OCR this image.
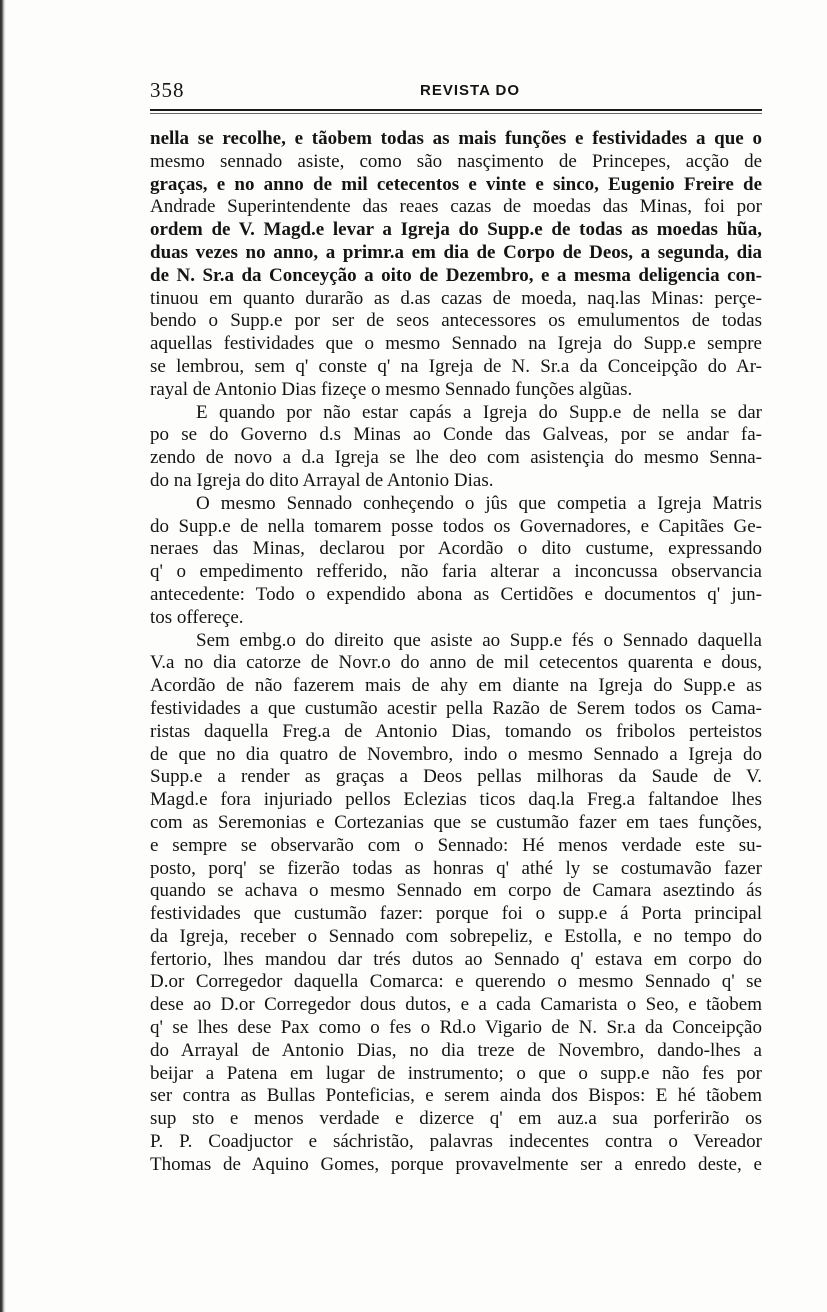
358	REVISTA DO
nella se recolhe, e tãobem todas as mais funções e festividades a que o
mesmo sennado asiste, como são nasçimento de Princepes, acção de
graças, e no anno de mil cetecentos e vinte e sinco, Eugenio Freire de
Andrade Superintendente das reaes cazas de moedas das Minas, foi por
ordem de V. Magd.e levar a Igreja do Supp.e de todas as moedas hũa,
duas vezes no anno, a primr.a em dia de Corpo de Deos, a segunda, dia
de N. Sr.a da Conceyção a oito de Dezembro, e a mesma deligencia con-
tinuou em quanto durarão as d.as cazas de moeda, naq.las Minas: perçe-
bendo o Supp.e por ser de seos antecessores os emulumentos de todas
aquellas festividades que o mesmo Sennado na Igreja do Supp.e sempre
se lembrou, sem q' conste q' na Igreja de N. Sr.a da Conceipção do Ar-
rayal de Antonio Dias fizeçe o mesmo Sennado funções algũas.
E quando por não estar capás a Igreja do Supp.e de nella se dar
po se do Governo d.s Minas ao Conde das Galveas, por se andar fa-
zendo de novo a d.a Igreja se lhe deo com asistençia do mesmo Senna-
do na Igreja do dito Arrayal de Antonio Dias.
O mesmo Sennado conheçendo o jûs que competia a Igreja Matris
do Supp.e de nella tomarem posse todos os Governadores, e Capitães Ge-
neraes das Minas, declarou por Acordão o dito custume, expressando
q' o empedimento refferido, não faria alterar a inconcussa observancia
antecedente: Todo o expendido abona as Certidões e documentos q' jun-
tos offereçe.
Sem embg.o do direito que asiste ao Supp.e fés o Sennado daquella
V.a no dia catorze de Novr.o do anno de mil cetecentos quarenta e dous,
Acordão de não fazerem mais de ahy em diante na Igreja do Supp.e as
festividades a que custumão acestir pella Razão de Serem todos os Cama-
ristas daquella Freg.a de Antonio Dias, tomando os fribolos perteistos
de que no dia quatro de Novembro, indo o mesmo Sennado a Igreja do
Supp.e a render as graças a Deos pellas milhoras da Saude de V.
Magd.e fora injuriado pellos Eclezias ticos daq.la Freg.a faltandoe lhes
com as Seremonias e Cortezanias que se custumão fazer em taes funções,
e sempre se observarão com o Sennado: Hé menos verdade este su-
posto, porq' se fizerão todas as honras q' athé ly se costumavão fazer
quando se achava o mesmo Sennado em corpo de Camara aseztindo ás
festividades que custumão fazer: porque foi o supp.e á Porta principal
da Igreja, receber o Sennado com sobrepeliz, e Estolla, e no tempo do
fertorio, lhes mandou dar trés dutos ao Sennado q' estava em corpo do
D.or Corregedor daquella Comarca: e querendo o mesmo Sennado q' se
dese ao D.or Corregedor dous dutos, e a cada Camarista o Seo, e tãobem
q' se lhes dese Pax como o fes o Rd.o Vigario de N. Sr.a da Conceipção
do Arrayal de Antonio Dias, no dia treze de Novembro, dando-lhes a
beijar a Patena em lugar de instrumento; o que o supp.e não fes por
ser contra as Bullas Ponteficias, e serem ainda dos Bispos: E hé tãobem
sup sto e menos verdade e dizerce q' em auz.a sua porferirão os
P. P. Coadjuctor e sáchristão, palavras indecentes contra o Vereador
Thomas de Aquino Gomes, porque provavelmente ser a enredo deste, e
